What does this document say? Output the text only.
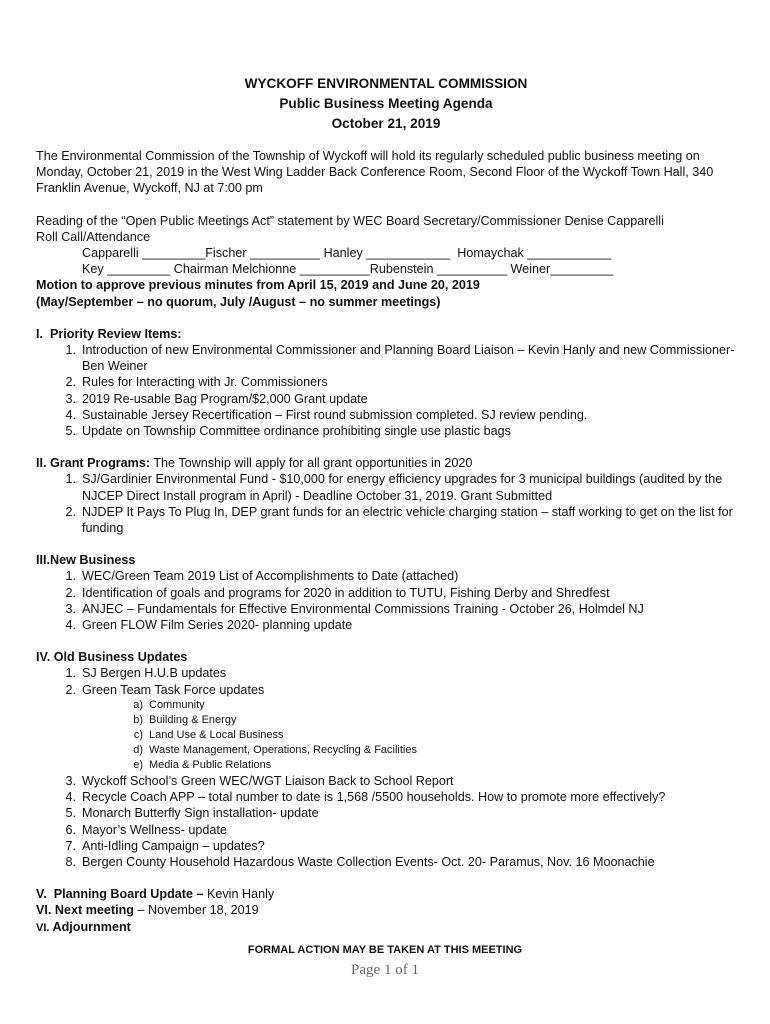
WYCKOFF ENVIRONMENTAL COMMISSION
Public Business Meeting Agenda
October 21, 2019

The Environmental Commission of the Township of Wyckoff will hold its regularly scheduled public business meeting on Monday, October 21, 2019 in the West Wing Ladder Back Conference Room, Second Floor of the Wyckoff Town Hall, 340 Franklin Avenue, Wyckoff, NJ at 7:00 pm

Reading of the “Open Public Meetings Act” statement by WEC Board Secretary/Commissioner Denise Capparelli

Roll Call/Attendance

Capparelli _________Fischer __________ Hanley ____________  Homaychak ____________

Key _________ Chairman Melchionne __________Rubenstein __________ Weiner_________

Motion to approve previous minutes from April 15, 2019 and June 20, 2019

(May/September – no quorum, July /August – no summer meetings)

I.  Priority Review Items:

1. Introduction of new Environmental Commissioner and Planning Board Liaison – Kevin Hanly and new Commissioner- Ben Weiner
2. Rules for Interacting with Jr. Commissioners
3. 2019 Re-usable Bag Program/$2,000 Grant update
4. Sustainable Jersey Recertification – First round submission completed. SJ review pending.
5. Update on Township Committee ordinance prohibiting single use plastic bags

II. Grant Programs: The Township will apply for all grant opportunities in 2020

1. SJ/Gardinier Environmental Fund - $10,000 for energy efficiency upgrades for 3 municipal buildings (audited by the NJCEP Direct Install program in April) - Deadline October 31, 2019. Grant Submitted
2. NJDEP It Pays To Plug In, DEP grant funds for an electric vehicle charging station – staff working to get on the list for funding

III.New Business

1. WEC/Green Team 2019 List of Accomplishments to Date (attached)
2. Identification of goals and programs for 2020 in addition to TUTU, Fishing Derby and Shredfest
3. ANJEC – Fundamentals for Effective Environmental Commissions Training - October 26, Holmdel NJ
4. Green FLOW Film Series 2020- planning update

IV. Old Business Updates

1. SJ Bergen H.U.B updates
2. Green Team Task Force updates
a) Community
b) Building & Energy
c) Land Use & Local Business
d) Waste Management, Operations, Recycling & Facilities
e) Media & Public Relations
3. Wyckoff School’s Green WEC/WGT Liaison Back to School Report
4. Recycle Coach APP – total number to date is 1,568 /5500 households. How to promote more effectively?
5. Monarch Butterfly Sign installation- update
6. Mayor’s Wellness- update
7. Anti-Idling Campaign – updates?
8. Bergen County Household Hazardous Waste Collection Events- Oct. 20- Paramus, Nov. 16 Moonachie

V.  Planning Board Update – Kevin Hanly

VI. Next meeting – November 18, 2019

VI. Adjournment

FORMAL ACTION MAY BE TAKEN AT THIS MEETING
Page 1 of 1
